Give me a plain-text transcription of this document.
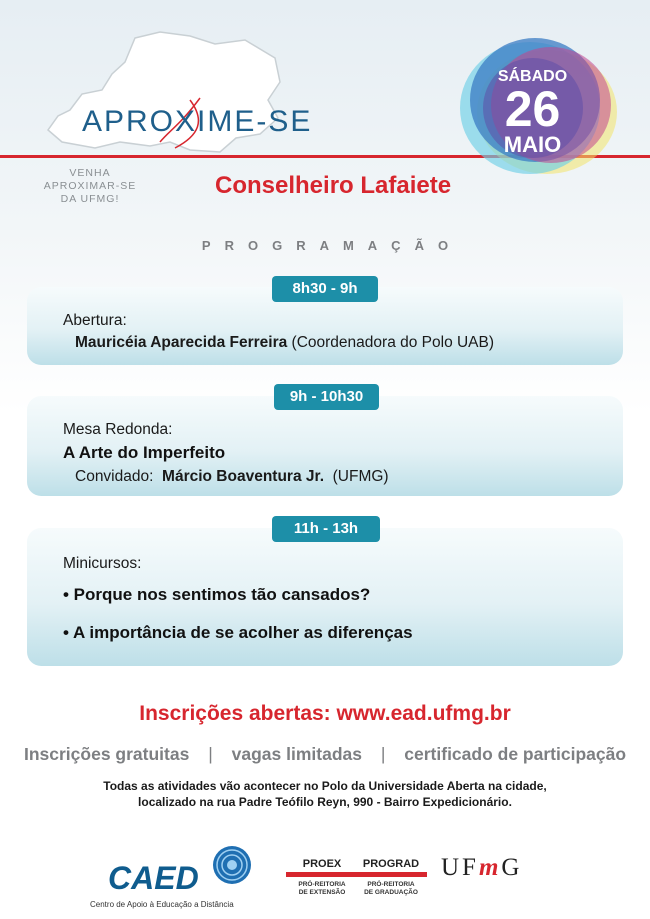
APROXIME-SE
VENHA
APROXIMAR-SE
DA UFMG!	Conselheiro Lafaiete
SÁBADO
26
MAIO
PROGRAMAÇÃO
8h30 - 9h
Abertura:
Mauricéia Aparecida Ferreira (Coordenadora do Polo UAB)
9h - 10h30
Mesa Redonda:
A Arte do Imperfeito
Convidado: Márcio Boaventura Jr. (UFMG)
11h - 13h
Minicursos:
• Porque nos sentimos tão cansados?
• A importância de se acolher as diferenças
Inscrições abertas: www.ead.ufmg.br
Inscrições gratuitas | vagas limitadas | certificado de participação
Todas as atividades vão acontecer no Polo da Universidade Aberta na cidade,
localizado na rua Padre Teófilo Reyn, 990 - Bairro Expedicionário.
CAED
Centro de Apoio à Educação a Distância
PROEX
PRÓ-REITORIA
DE EXTENSÃO
PROGRAD
PRÓ-REITORIA
DE GRADUAÇÃO
UFmG
